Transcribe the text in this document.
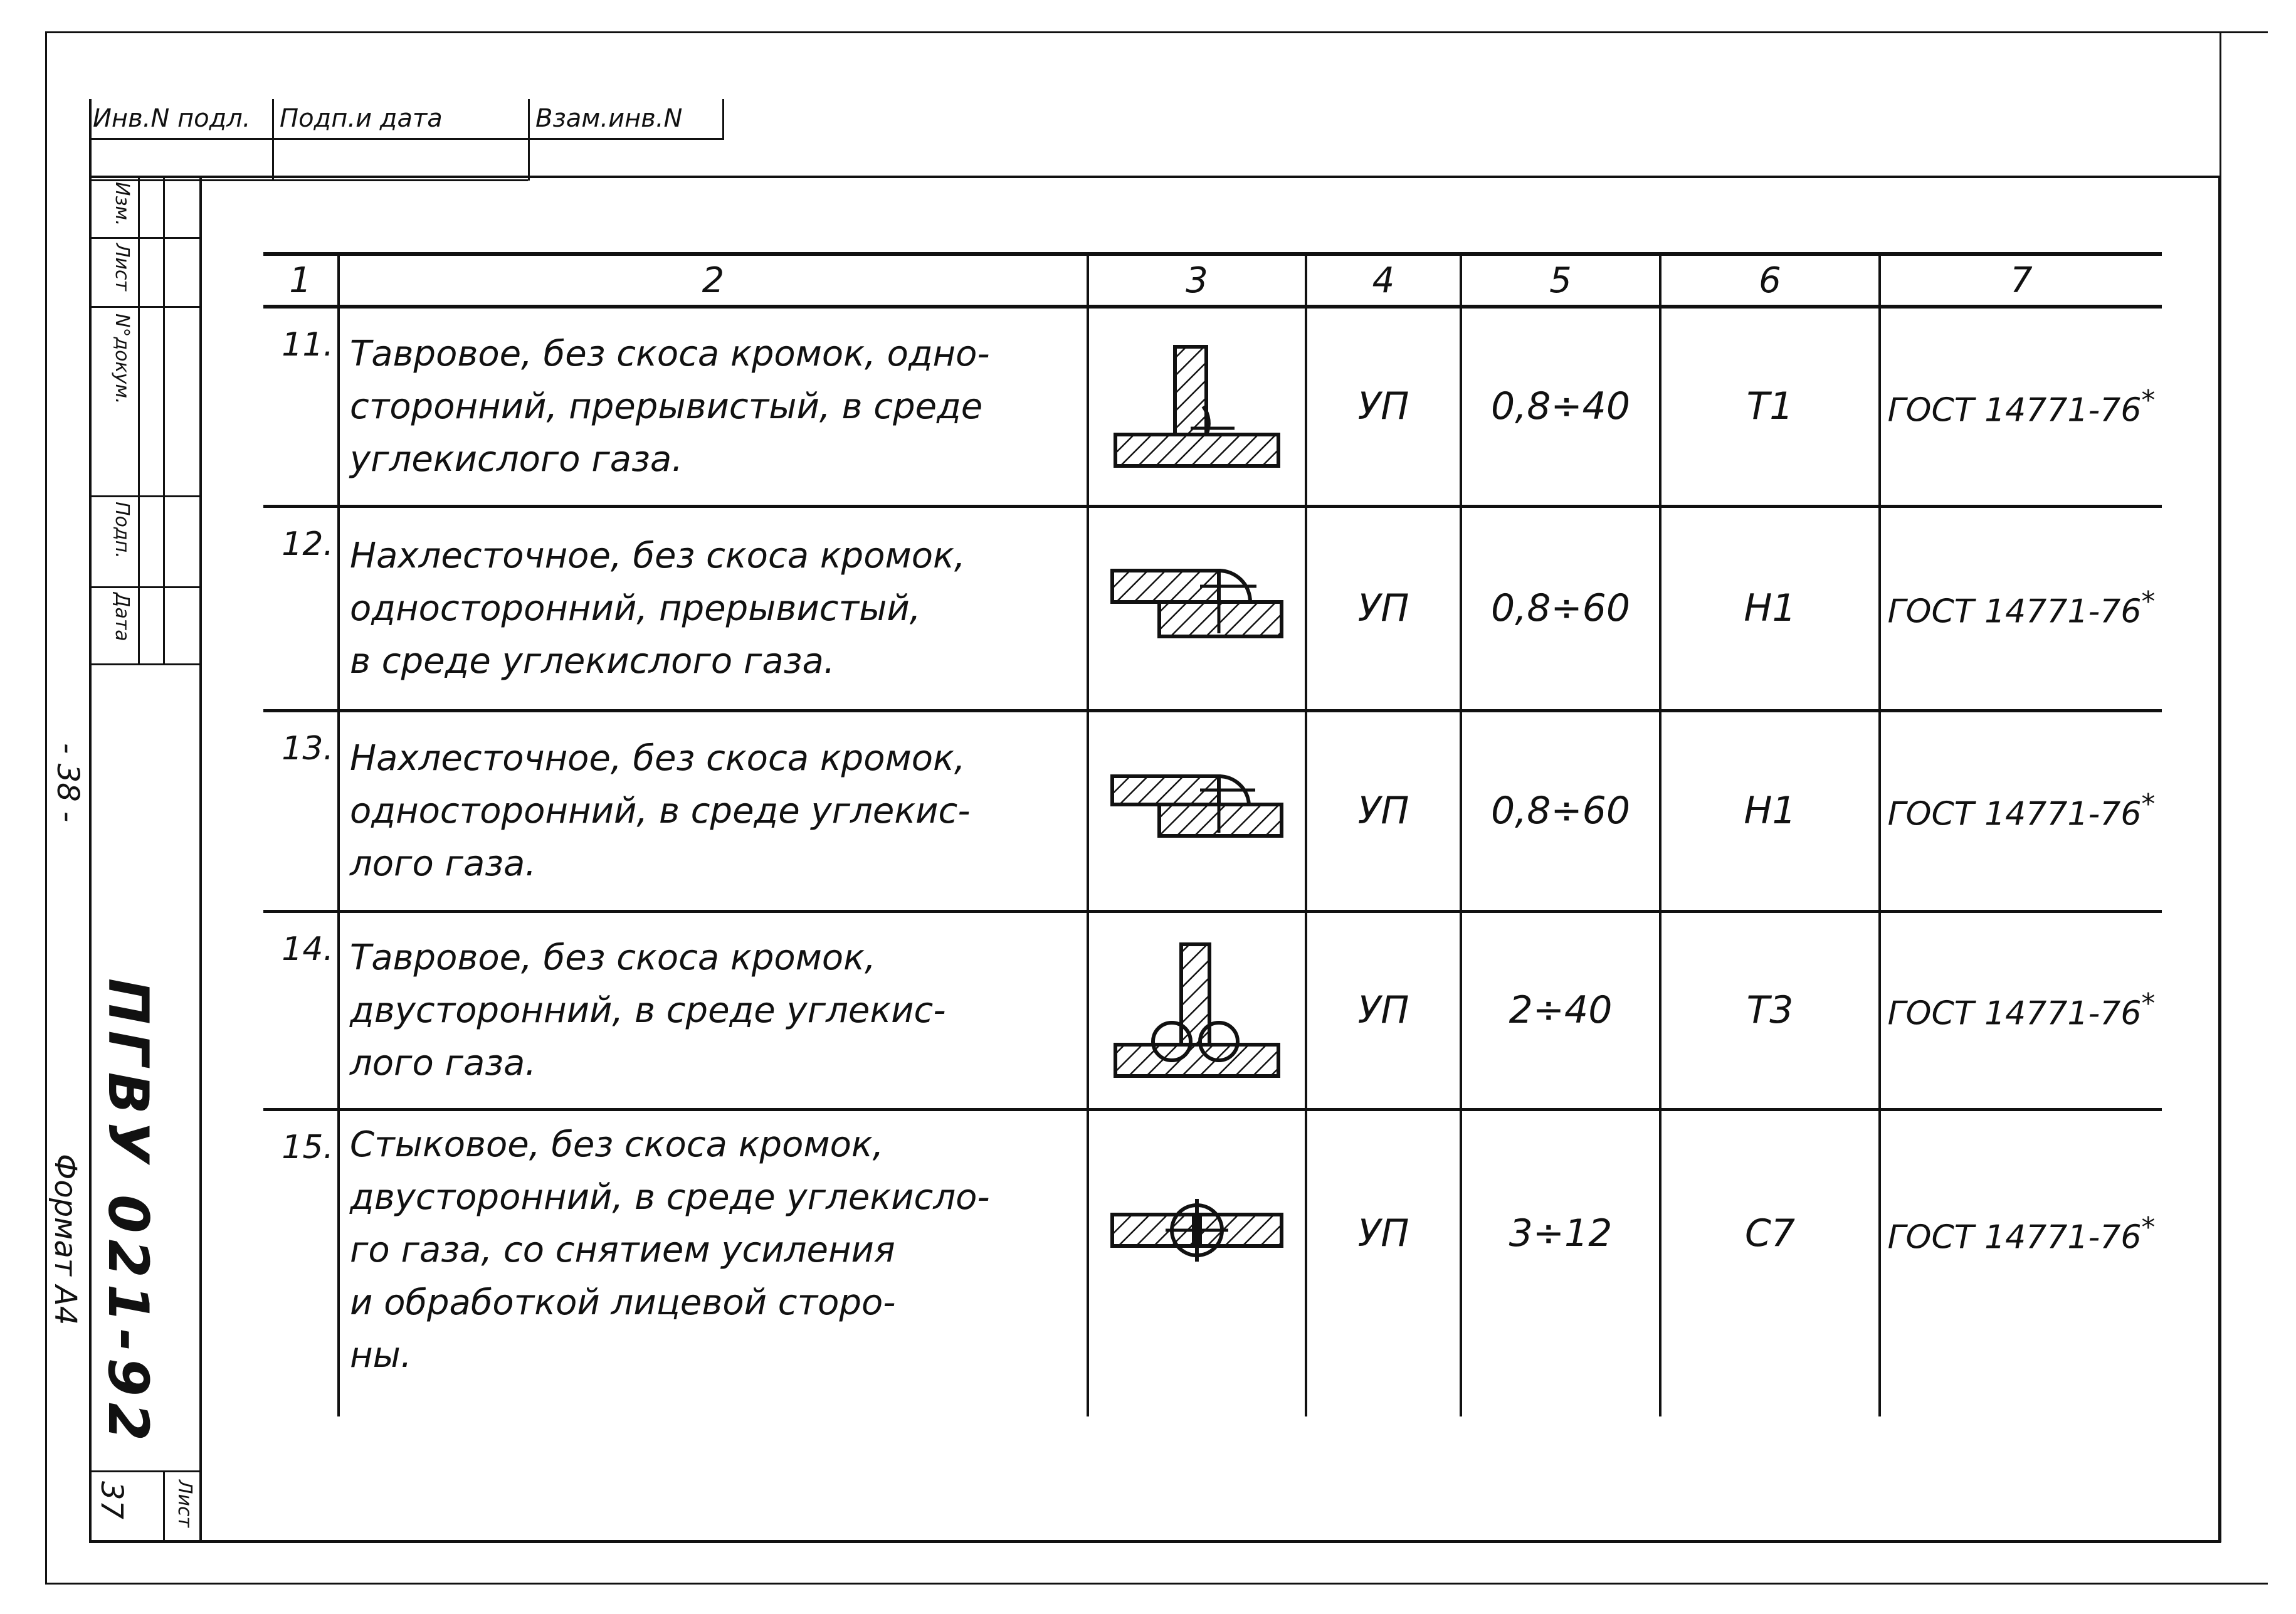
Инв.N подл.	Подп.и дата	Взам.инв.N
Изм.
Лист
N°докум.
Подп.
Дата
- 38 -
ПГВУ 021-92
Формат А4
Лист
37
1	2	3	4	5	6	7
11.	Тавровое, без скоса кромок, одно-
сторонний, прерывистый, в среде
углекислого газа.		УП	0,8÷40	Т1	ГОСТ 14771-76*
12.	Нахлесточное, без скоса кромок,
односторонний, прерывистый,
в среде углекислого газа.		УП	0,8÷60	Н1	ГОСТ 14771-76*
13.	Нахлесточное, без скоса кромок,
односторонний, в среде углекис-
лого газа.		УП	0,8÷60	Н1	ГОСТ 14771-76*
14.	Тавровое, без скоса кромок,
двусторонний, в среде углекис-
лого газа.		УП	2÷40	Т3	ГОСТ 14771-76*
15.	Стыковое, без скоса кромок,
двусторонний, в среде углекисло-
го газа, со снятием усиления
и обработкой лицевой сторо-
ны.		УП	3÷12	С7	ГОСТ 14771-76*
